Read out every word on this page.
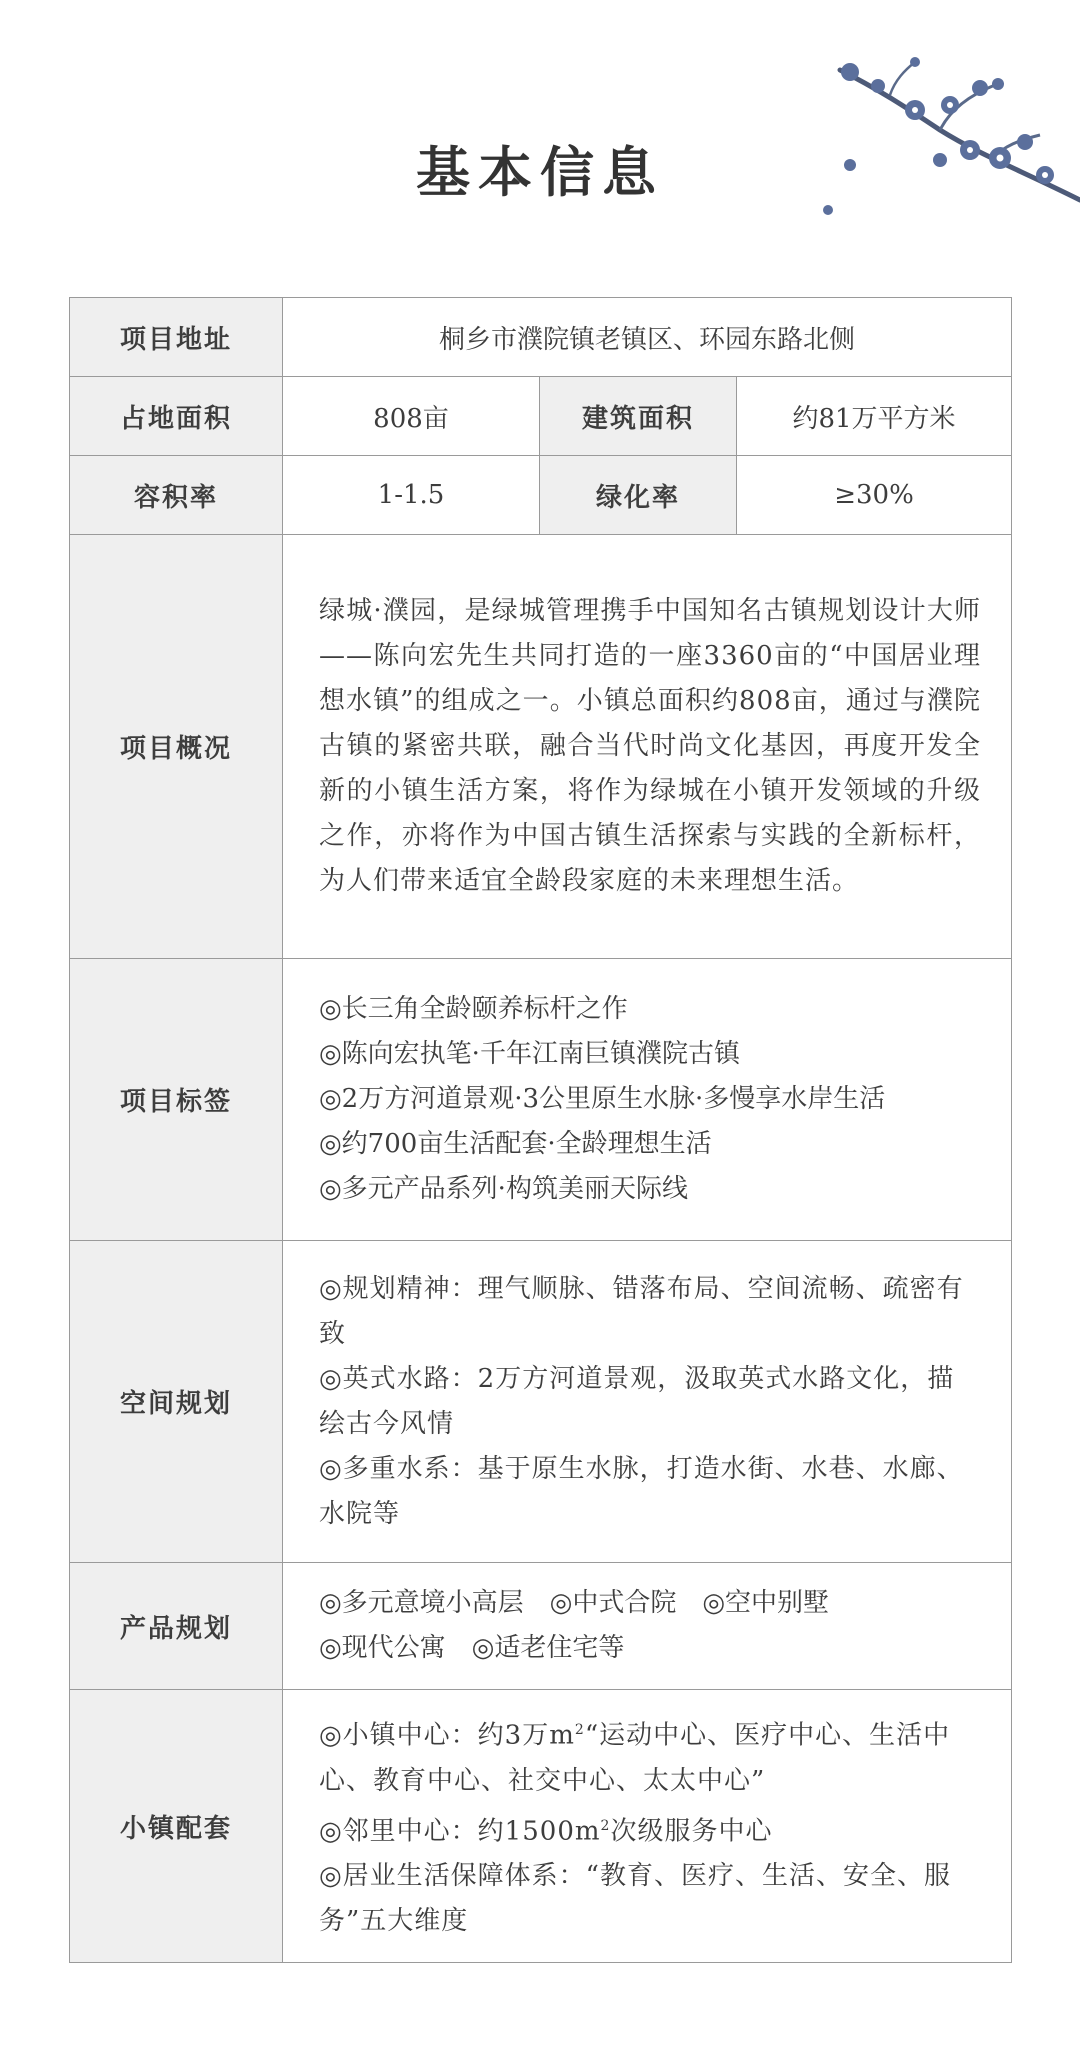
基本信息
项目地址	桐乡市濮院镇老镇区、环园东路北侧		
占地面积	808亩	建筑面积	约81万平方米
容积率	1-1.5	绿化率	≥30%
项目概况	绿城·濮园，是绿城管理携手中国知名古镇规划设计大师——陈向宏先生共同打造的一座3360亩的“中国居业理想水镇”的组成之一。小镇总面积约808亩，通过与濮院古镇的紧密共联，融合当代时尚文化基因，再度开发全新的小镇生活方案，将作为绿城在小镇开发领域的升级之作，亦将作为中国古镇生活探索与实践的全新标杆，为人们带来适宜全龄段家庭的未来理想生活。		

项目标签	◎长三角全龄颐养标杆之作
◎陈向宏执笔·千年江南巨镇濮院古镇
◎2万方河道景观·3公里原生水脉·多慢享水岸生活
◎约700亩生活配套·全龄理想生活
◎多元产品系列·构筑美丽天际线		

空间规划	◎规划精神：理气顺脉、错落布局、空间流畅、疏密有致
◎英式水路：2万方河道景观，汲取英式水路文化，描绘古今风情
◎多重水系：基于原生水脉，打造水街、水巷、水廊、水院等		

产品规划	◎多元意境小高层　◎中式合院　◎空中别墅
◎现代公寓　◎适老住宅等		

小镇配套	◎小镇中心：约3万$m^2“$运动中心、医疗中心、生活中心、教育中心、社交中心、太太中心”
◎邻里中心：约$1500m^2$次级服务中心
◎居业生活保障体系：“教育、医疗、生活、安全、服务”五大维度		
